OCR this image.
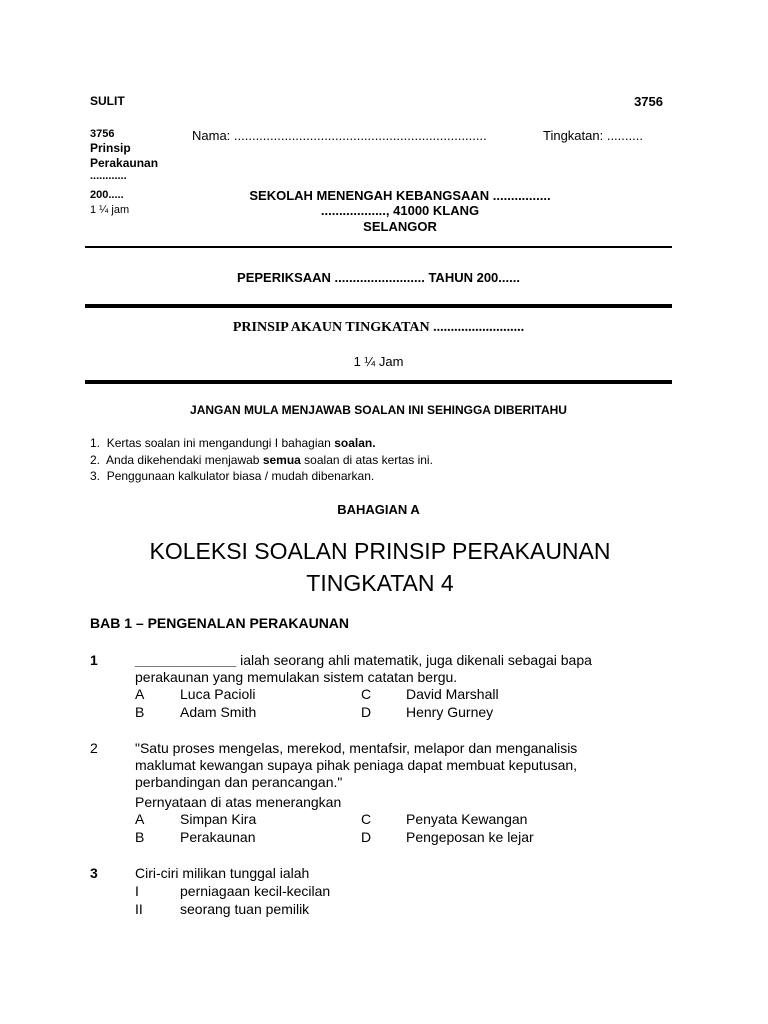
SULIT	3756
3756
Prinsip
Perakaunan
............
200.....
1 ¼ jam
Nama: ......................................................................	Tingkatan: ..........
SEKOLAH MENENGAH KEBANGSAAN ................
.................., 41000 KLANG
SELANGOR
PEPERIKSAAN ......................... TAHUN 200......
PRINSIP AKAUN TINGKATAN ..........................
1 ¼ Jam
JANGAN MULA MENJAWAB SOALAN INI SEHINGGA DIBERITAHU
1. Kertas soalan ini mengandungi I bahagian soalan.
2. Anda dikehendaki menjawab semua soalan di atas kertas ini.
3. Penggunaan kalkulator biasa / mudah dibenarkan.
BAHAGIAN A
KOLEKSI SOALAN PRINSIP PERAKAUNAN
TINGKATAN 4
BAB 1 – PENGENALAN PERAKAUNAN
1	_____________ ialah seorang ahli matematik, juga dikenali sebagai bapa
perakaunan yang memulakan sistem catatan bergu.
A	Luca Pacioli	C David Marshall
B	Adam Smith	D Henry Gurney
2	"Satu proses mengelas, merekod, mentafsir, melapor dan menganalisis
maklumat kewangan supaya pihak peniaga dapat membuat keputusan,
perbandingan dan perancangan."
Pernyataan di atas menerangkan
A	Simpan Kira	C Penyata Kewangan
B	Perakaunan	D Pengeposan ke lejar
3	Ciri-ciri milikan tunggal ialah
I	perniagaan kecil-kecilan
II	seorang tuan pemilik
